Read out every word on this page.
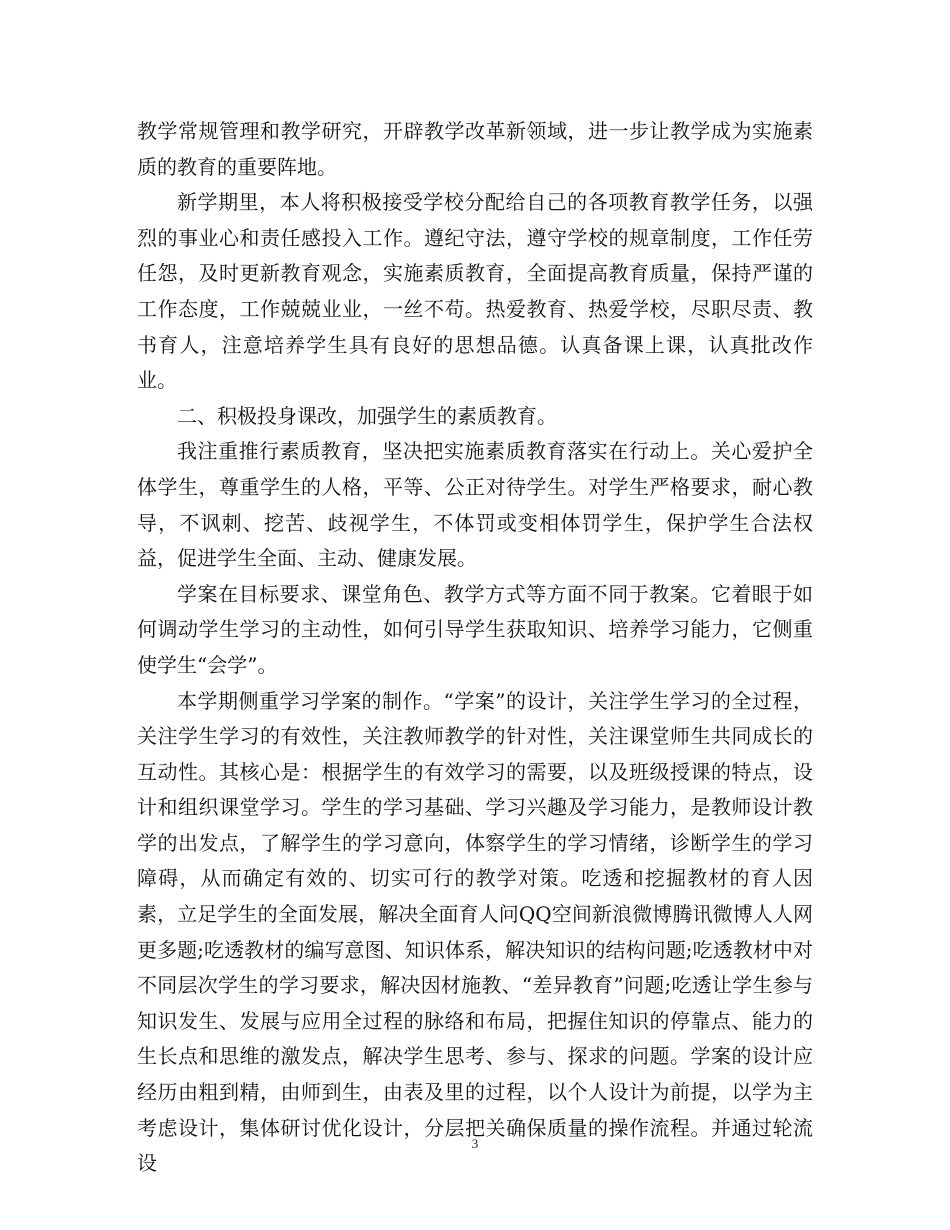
教学常规管理和教学研究，开辟教学改革新领域，进一步让教学成为实施素质的教育的重要阵地。

新学期里，本人将积极接受学校分配给自己的各项教育教学任务，以强烈的事业心和责任感投入工作。遵纪守法，遵守学校的规章制度，工作任劳任怨，及时更新教育观念，实施素质教育，全面提高教育质量，保持严谨的工作态度，工作兢兢业业，一丝不苟。热爱教育、热爱学校，尽职尽责、教书育人，注意培养学生具有良好的思想品德。认真备课上课，认真批改作业。

二、积极投身课改，加强学生的素质教育。

我注重推行素质教育，坚决把实施素质教育落实在行动上。关心爱护全体学生，尊重学生的人格，平等、公正对待学生。对学生严格要求，耐心教导，不讽刺、挖苦、歧视学生，不体罚或变相体罚学生，保护学生合法权益，促进学生全面、主动、健康发展。

学案在目标要求、课堂角色、教学方式等方面不同于教案。它着眼于如何调动学生学习的主动性，如何引导学生获取知识、培养学习能力，它侧重使学生“会学”。

本学期侧重学习学案的制作。“学案”的设计，关注学生学习的全过程，关注学生学习的有效性，关注教师教学的针对性，关注课堂师生共同成长的互动性。其核心是：根据学生的有效学习的需要，以及班级授课的特点，设计和组织课堂学习。学生的学习基础、学习兴趣及学习能力，是教师设计教学的出发点，了解学生的学习意向，体察学生的学习情绪，诊断学生的学习障碍，从而确定有效的、切实可行的教学对策。吃透和挖掘教材的育人因素，立足学生的全面发展，解决全面育人问QQ空间新浪微博腾讯微博人人网更多题;吃透教材的编写意图、知识体系，解决知识的结构问题;吃透教材中对不同层次学生的学习要求，解决因材施教、“差异教育”问题;吃透让学生参与知识发生、发展与应用全过程的脉络和布局，把握住知识的停靠点、能力的生长点和思维的激发点，解决学生思考、参与、探求的问题。学案的设计应经历由粗到精，由师到生，由表及里的过程，以个人设计为前提，以学为主考虑设计，集体研讨优化设计，分层把关确保质量的操作流程。并通过轮流设

3
